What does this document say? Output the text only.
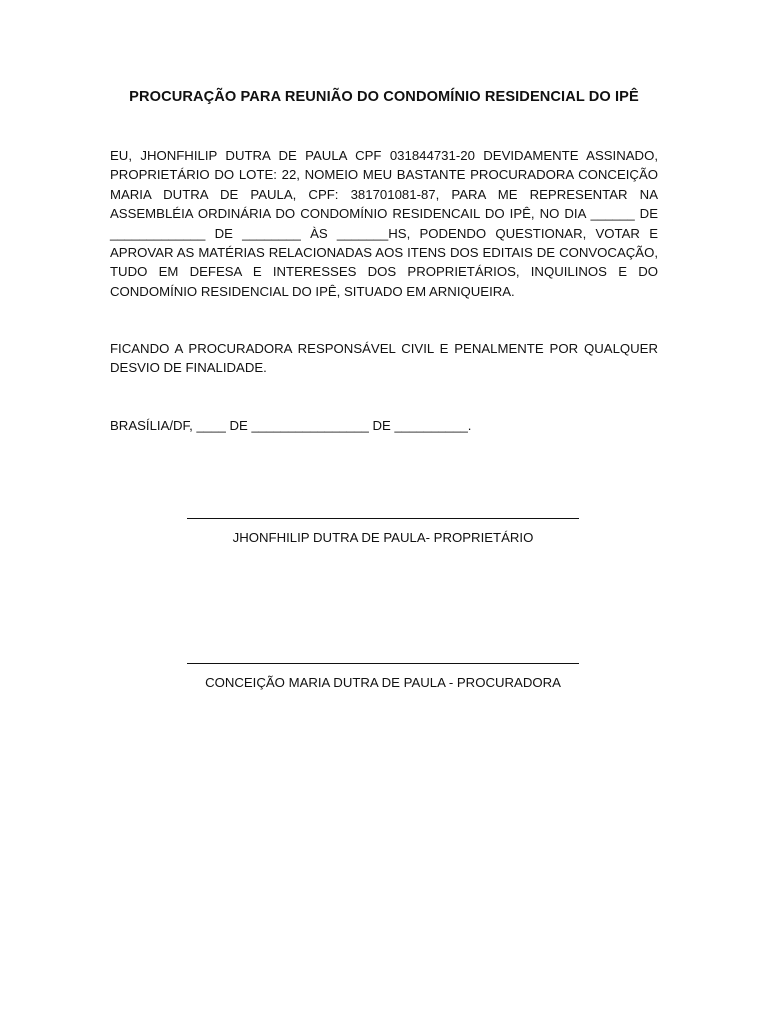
PROCURAÇÃO PARA REUNIÃO DO CONDOMÍNIO RESIDENCIAL DO IPÊ
EU, JHONFHILIP DUTRA DE PAULA CPF 031844731-20 DEVIDAMENTE ASSINADO, PROPRIETÁRIO DO LOTE: 22, NOMEIO MEU BASTANTE PROCURADORA CONCEIÇÃO MARIA DUTRA DE PAULA, CPF: 381701081-87, PARA ME REPRESENTAR NA ASSEMBLÉIA ORDINÁRIA DO CONDOMÍNIO RESIDENCAIL DO IPÊ, NO DIA ______ DE _____________ DE ________ ÀS _______HS, PODENDO QUESTIONAR, VOTAR E APROVAR AS MATÉRIAS RELACIONADAS AOS ITENS DOS EDITAIS DE CONVOCAÇÃO, TUDO EM DEFESA E INTERESSES DOS PROPRIETÁRIOS, INQUILINOS E DO CONDOMÍNIO RESIDENCIAL DO IPÊ, SITUADO EM ARNIQUEIRA.
FICANDO A PROCURADORA RESPONSÁVEL CIVIL E PENALMENTE POR QUALQUER DESVIO DE FINALIDADE.
BRASÍLIA/DF, ____ DE ________________ DE __________.
JHONFHILIP DUTRA DE PAULA- PROPRIETÁRIO
CONCEIÇÃO MARIA DUTRA DE PAULA - PROCURADORA
